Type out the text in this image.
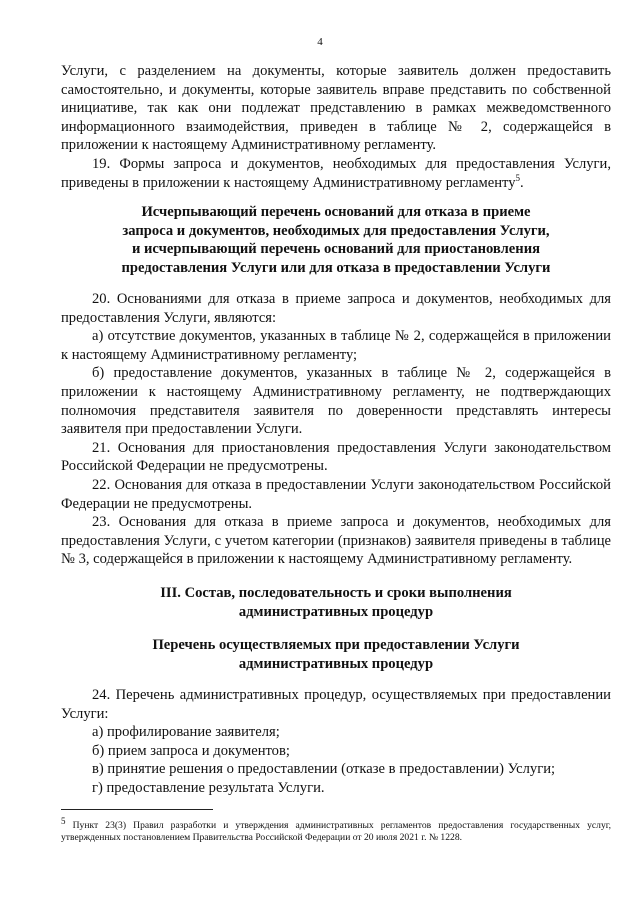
4

Услуги, с разделением на документы, которые заявитель должен предоставить самостоятельно, и документы, которые заявитель вправе представить по собственной инициативе, так как они подлежат представлению в рамках межведомственного информационного взаимодействия, приведен в таблице № 2, содержащейся в приложении к настоящему Административному регламенту.

19. Формы запроса и документов, необходимых для предоставления Услуги, приведены в приложении к настоящему Административному регламенту$^5$.

Исчерпывающий перечень оснований для отказа в приеме
запроса и документов, необходимых для предоставления Услуги,
и исчерпывающий перечень оснований для приостановления
предоставления Услуги или для отказа в предоставлении Услуги

20. Основаниями для отказа в приеме запроса и документов, необходимых для предоставления Услуги, являются:

а) отсутствие документов, указанных в таблице № 2, содержащейся в приложении к настоящему Административному регламенту;

б) предоставление документов, указанных в таблице № 2, содержащейся в приложении к настоящему Административному регламенту, не подтверждающих полномочия представителя заявителя по доверенности представлять интересы заявителя при предоставлении Услуги.

21. Основания для приостановления предоставления Услуги законодательством Российской Федерации не предусмотрены.

22. Основания для отказа в предоставлении Услуги законодательством Российской Федерации не предусмотрены.

23. Основания для отказа в приеме запроса и документов, необходимых для предоставления Услуги, с учетом категории (признаков) заявителя приведены в таблице № 3, содержащейся в приложении к настоящему Административному регламенту.

III. Состав, последовательность и сроки выполнения
административных процедур
Перечень осуществляемых при предоставлении Услуги
административных процедур

24. Перечень административных процедур, осуществляемых при предоставлении Услуги:

а) профилирование заявителя;

б) прием запроса и документов;

в) принятие решения о предоставлении (отказе в предоставлении) Услуги;

г) предоставление результата Услуги.

$^5$ Пункт 23(3) Правил разработки и утверждения административных регламентов предоставления государственных услуг, утвержденных постановлением Правительства Российской Федерации от 20 июля 2021 г. № 1228.
